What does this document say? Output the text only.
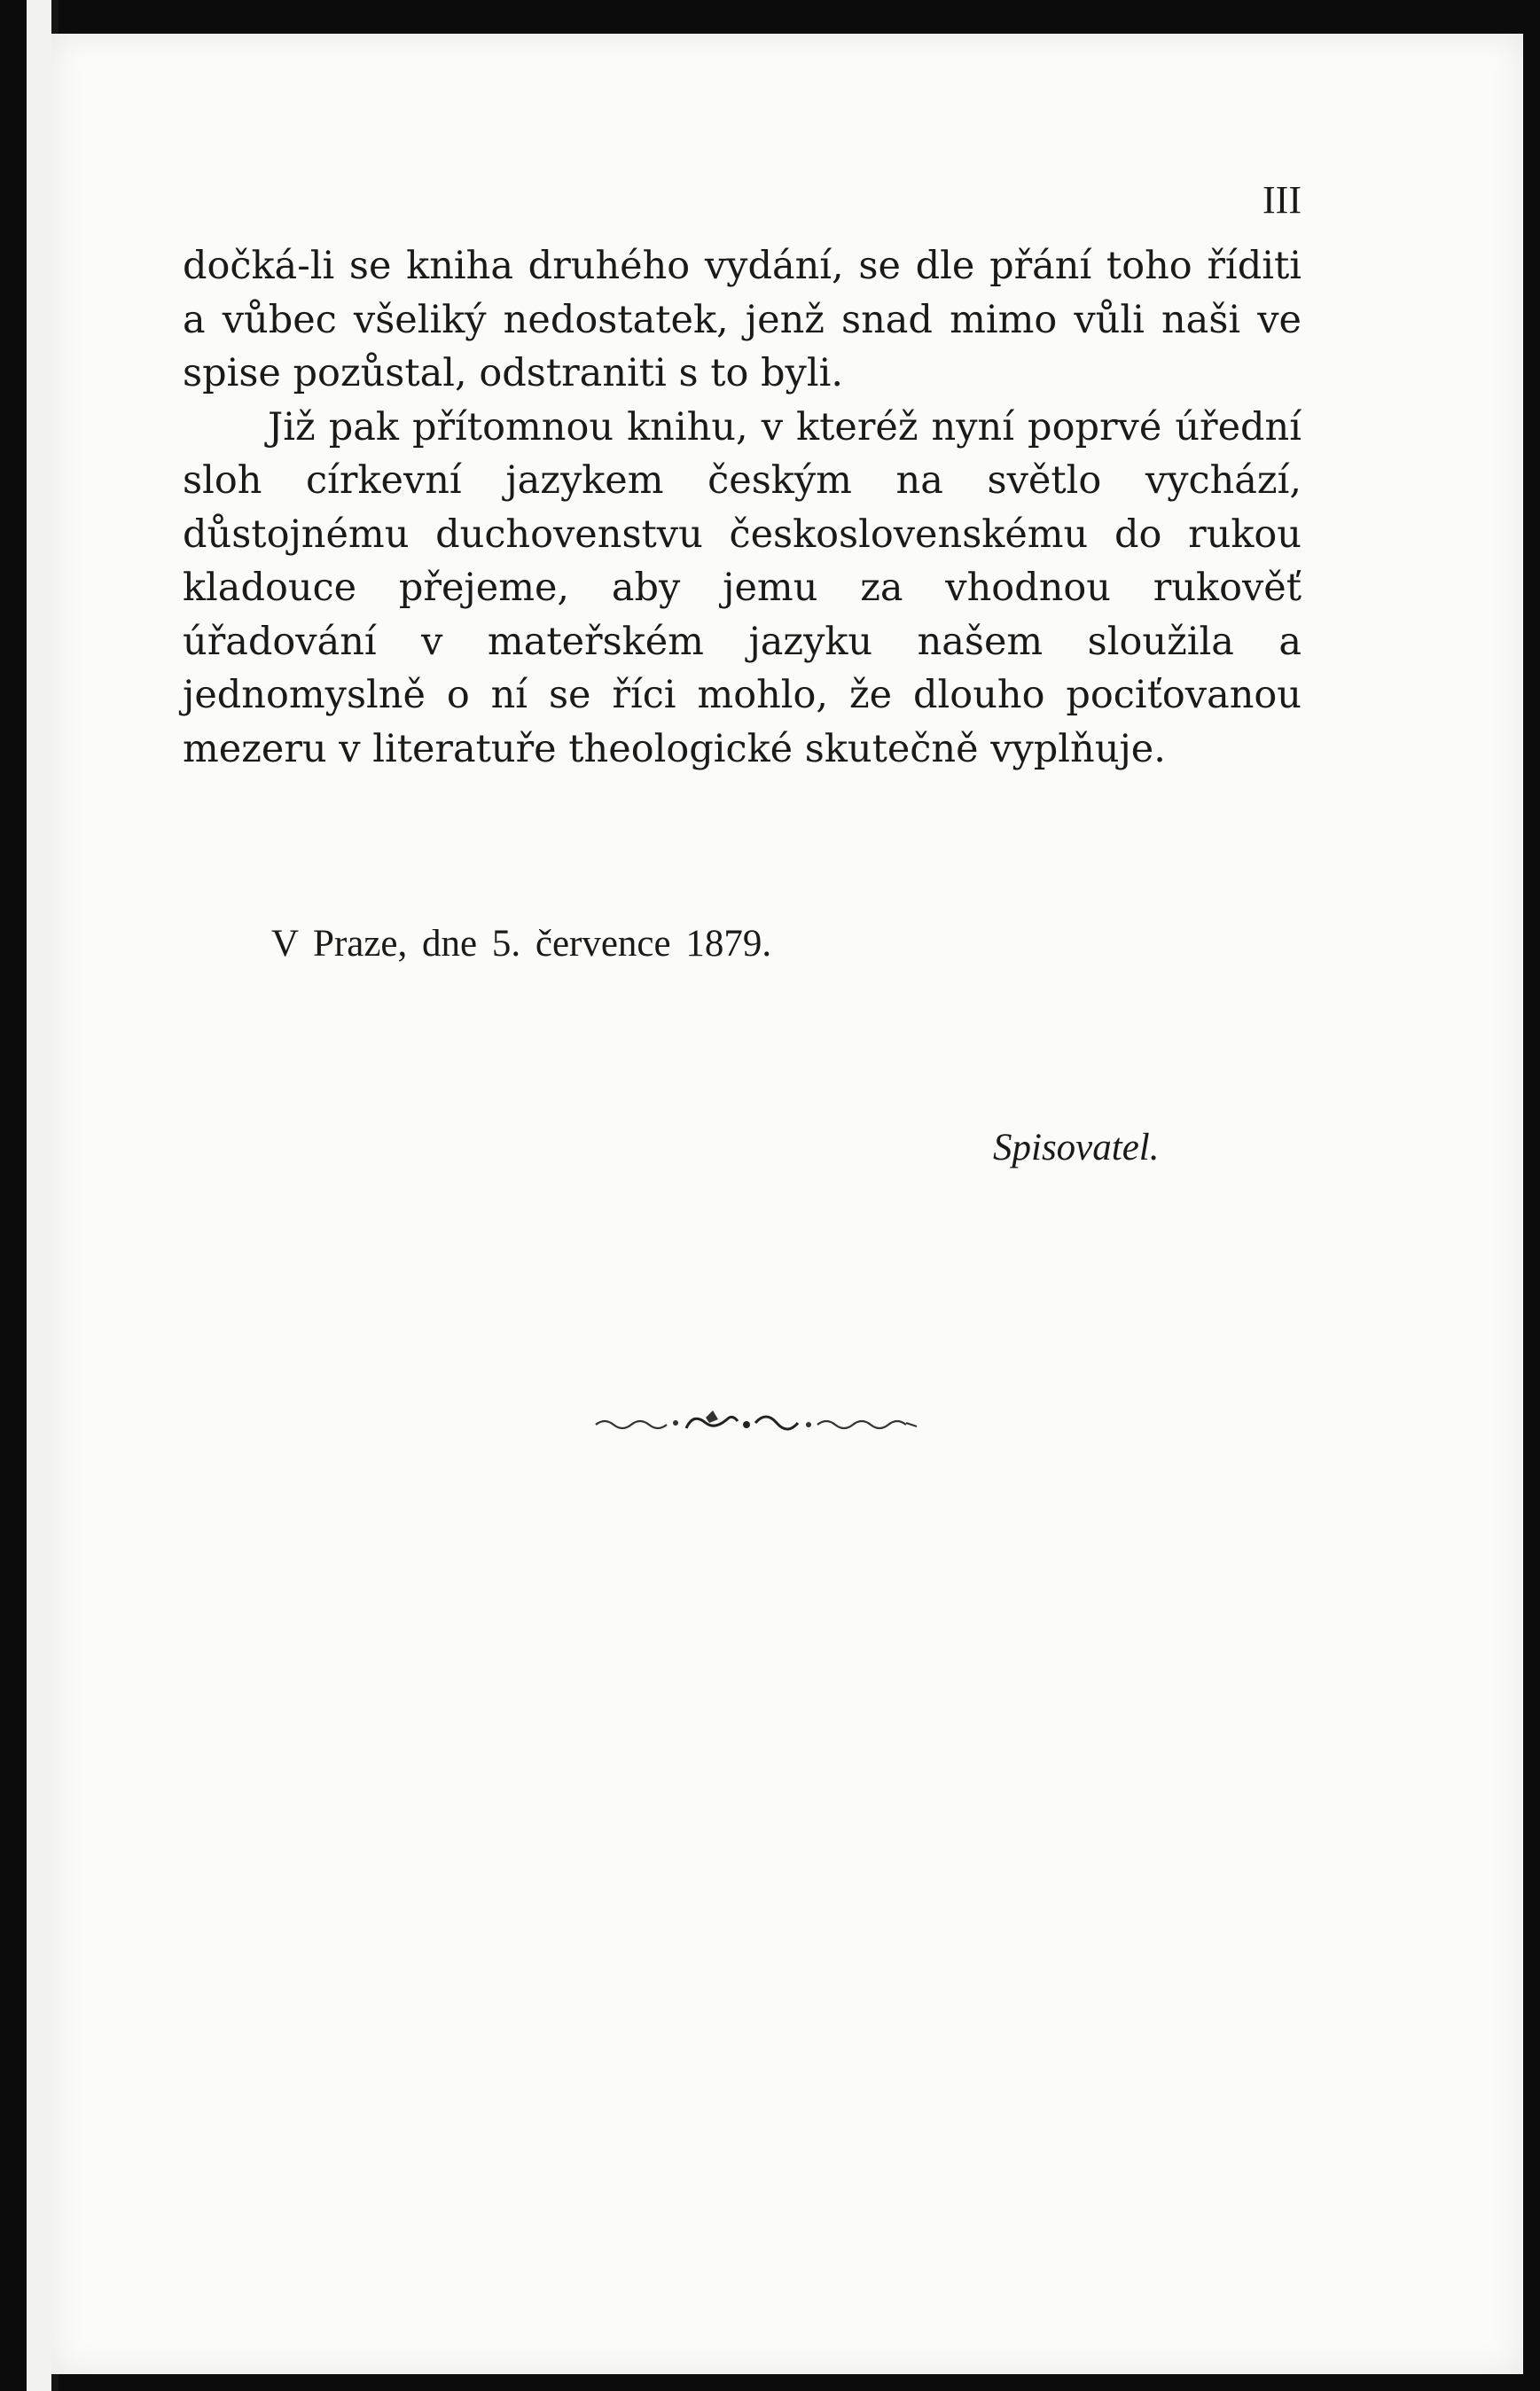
III

dočká-li se kniha druhého vydání, se dle přání toho říditi a vůbec všeliký nedostatek, jenž snad mimo vůli naši ve spise pozůstal, odstraniti s to byli.

Již pak přítomnou knihu, v kteréž nyní poprvé úřední sloh církevní jazykem českým na světlo vychází, důstojnému duchovenstvu československému do rukou kladouce přejeme, aby jemu za vhodnou rukověť úřadování v mateřském jazyku našem sloužila a jednomyslně o ní se říci mohlo, že dlouho pociťovanou mezeru v literatuře theologické skutečně vyplňuje.

V Praze, dne 5. července 1879.
Spisovatel.
